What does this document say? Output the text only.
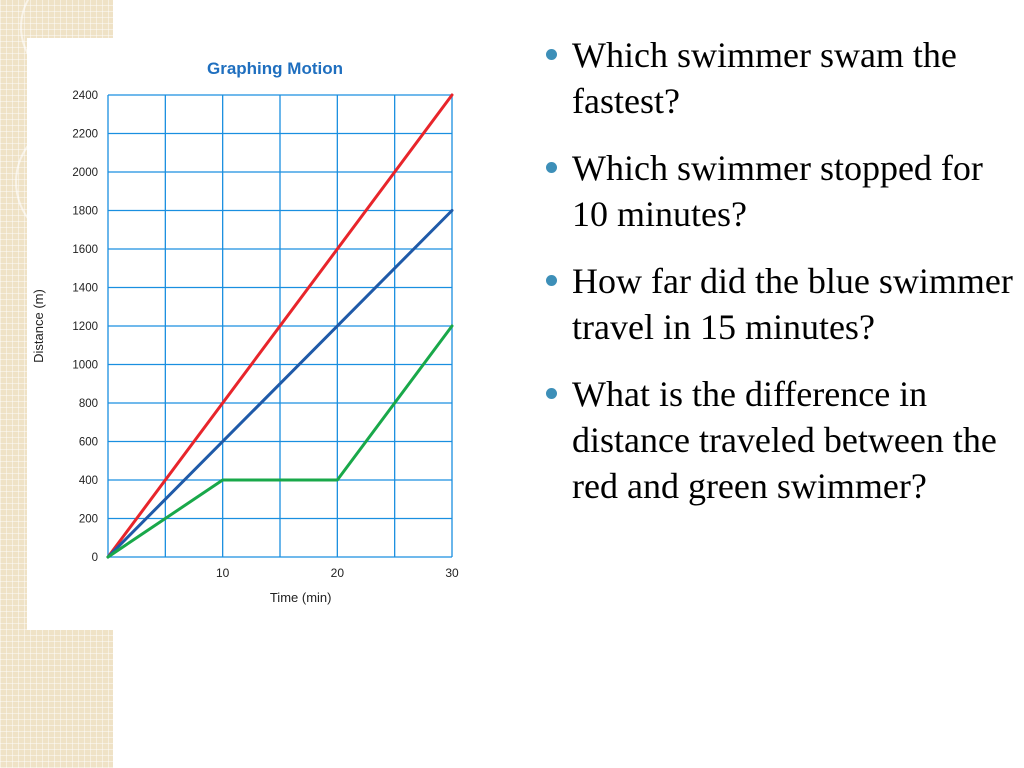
Graphing Motion
0
200
400
600
800
1000
1200
1400
1600
1800
2000
2200
2400
10	20	30
Time (min)
Distance (m)
Which swimmer swam the fastest?
Which swimmer stopped for 10 minutes?
How far did the blue swimmer travel in 15 minutes?
What is the difference in distance traveled between the red and green swimmer?
